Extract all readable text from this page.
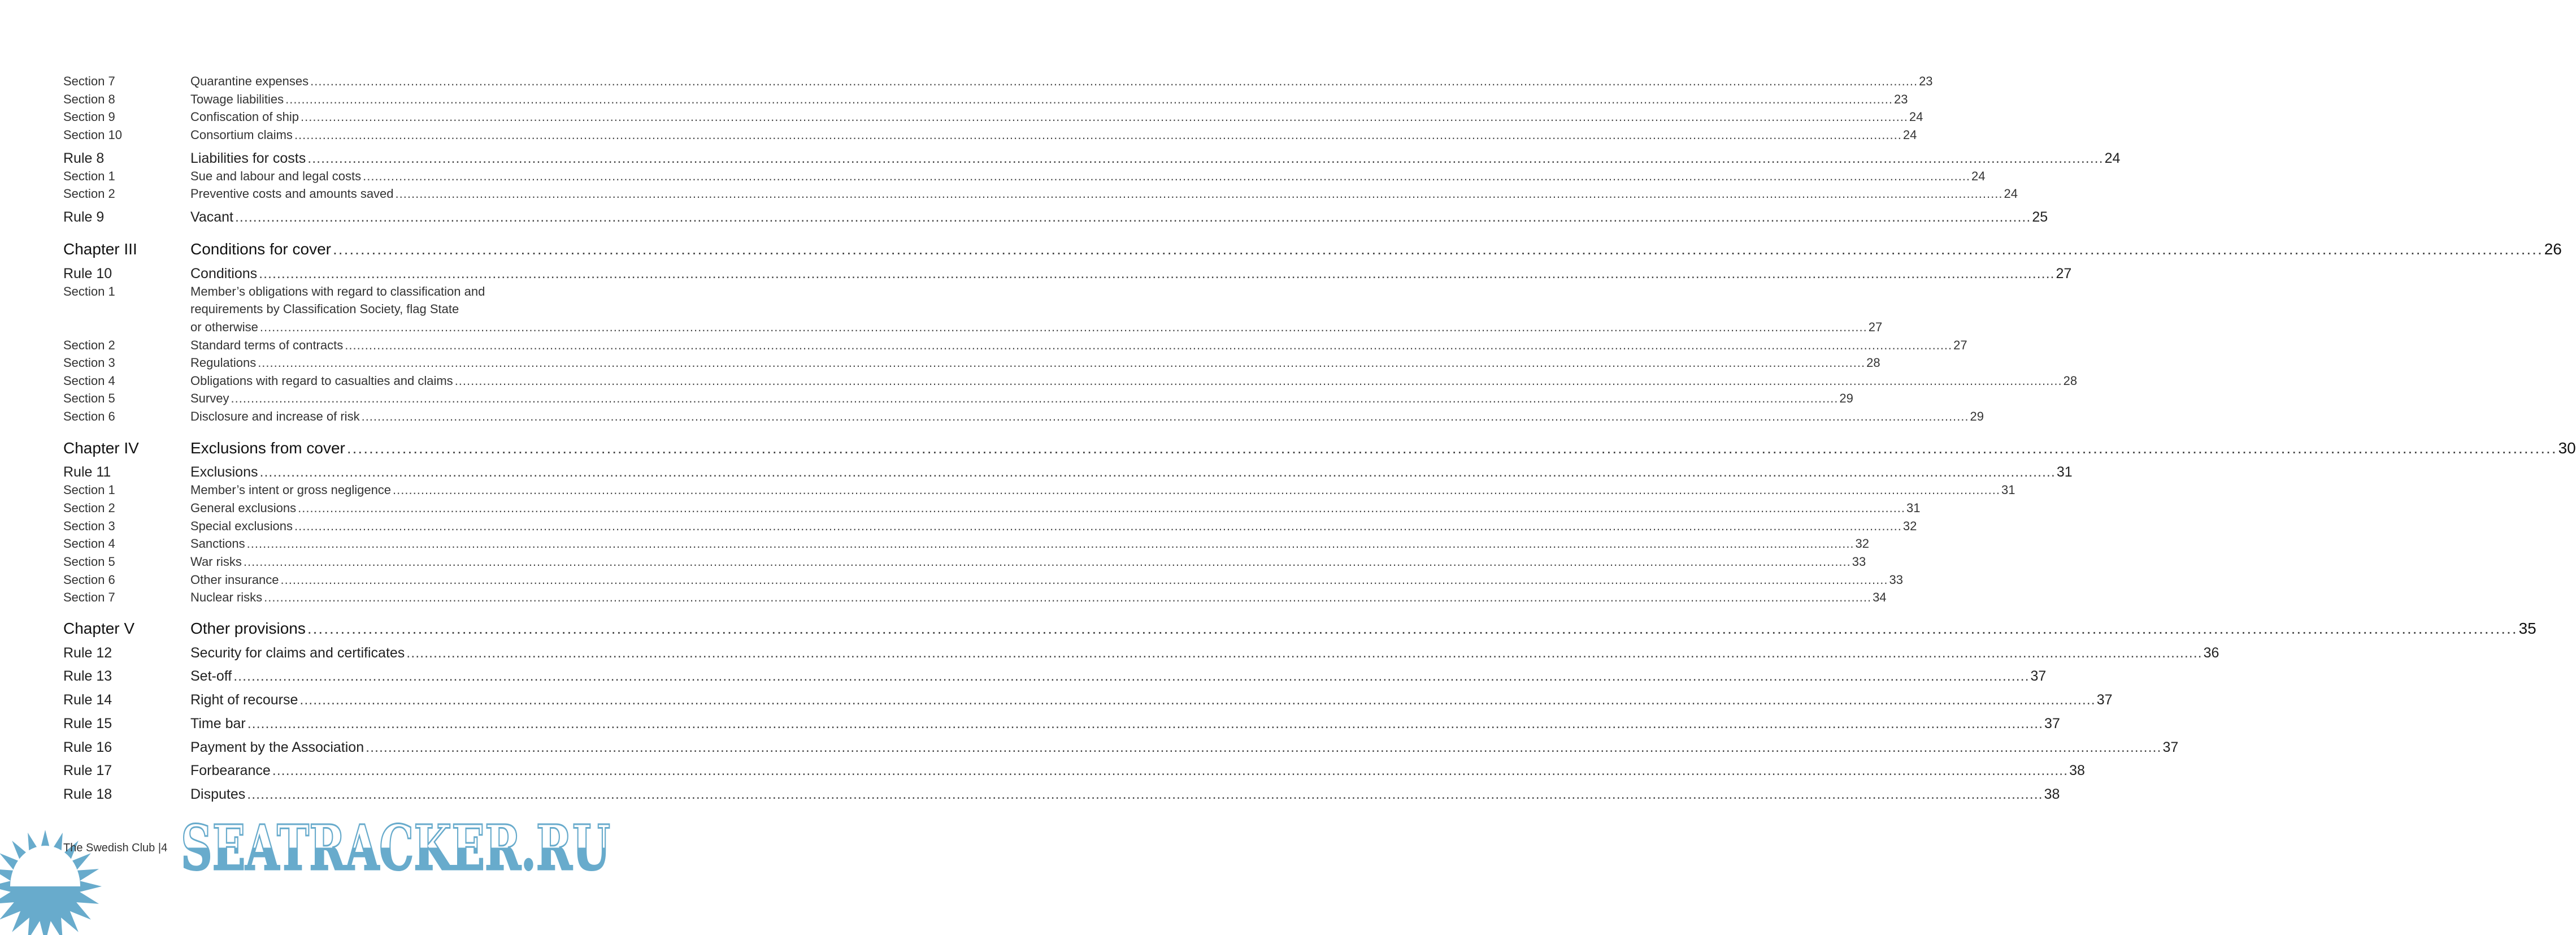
Section 7	Quarantine expenses ................................................................................................................................................................................................................................................................................................................................................................................................................ 23
Section 8	Towage liabilities ................................................................................................................................................................................................................................................................................................................................................................................................................ 23
Section 9	Confiscation of ship ................................................................................................................................................................................................................................................................................................................................................................................................................ 24
Section 10	Consortium claims ................................................................................................................................................................................................................................................................................................................................................................................................................ 24
Rule 8	Liabilities for costs ................................................................................................................................................................................................................................................................................................................................................................................................................ 24
Section 1	Sue and labour and legal costs ................................................................................................................................................................................................................................................................................................................................................................................................................ 24
Section 2	Preventive costs and amounts saved ................................................................................................................................................................................................................................................................................................................................................................................................................ 24
Rule 9	Vacant ................................................................................................................................................................................................................................................................................................................................................................................................................ 25
Chapter III	Conditions for cover ................................................................................................................................................................................................................................................................................................................................................................................................................ 26
Rule 10	Conditions ................................................................................................................................................................................................................................................................................................................................................................................................................ 27
Section 1	Member’s obligations with regard to classification and
requirements by Classification Society, flag State
or otherwise ................................................................................................................................................................................................................................................................................................................................................................................................................ 27
Section 2	Standard terms of contracts ................................................................................................................................................................................................................................................................................................................................................................................................................ 27
Section 3	Regulations ................................................................................................................................................................................................................................................................................................................................................................................................................ 28
Section 4	Obligations with regard to casualties and claims ................................................................................................................................................................................................................................................................................................................................................................................................................ 28
Section 5	Survey ................................................................................................................................................................................................................................................................................................................................................................................................................ 29
Section 6	Disclosure and increase of risk ................................................................................................................................................................................................................................................................................................................................................................................................................ 29
Chapter IV	Exclusions from cover ................................................................................................................................................................................................................................................................................................................................................................................................................ 30
Rule 11	Exclusions ................................................................................................................................................................................................................................................................................................................................................................................................................ 31
Section 1	Member’s intent or gross negligence ................................................................................................................................................................................................................................................................................................................................................................................................................ 31
Section 2	General exclusions ................................................................................................................................................................................................................................................................................................................................................................................................................ 31
Section 3	Special exclusions ................................................................................................................................................................................................................................................................................................................................................................................................................ 32
Section 4	Sanctions ................................................................................................................................................................................................................................................................................................................................................................................................................ 32
Section 5	War risks ................................................................................................................................................................................................................................................................................................................................................................................................................ 33
Section 6	Other insurance ................................................................................................................................................................................................................................................................................................................................................................................................................ 33
Section 7	Nuclear risks ................................................................................................................................................................................................................................................................................................................................................................................................................ 34
Chapter V	Other provisions ................................................................................................................................................................................................................................................................................................................................................................................................................ 35
Rule 12	Security for claims and certificates ................................................................................................................................................................................................................................................................................................................................................................................................................ 36
Rule 13	Set-off ................................................................................................................................................................................................................................................................................................................................................................................................................ 37
Rule 14	Right of recourse ................................................................................................................................................................................................................................................................................................................................................................................................................ 37
Rule 15	Time bar ................................................................................................................................................................................................................................................................................................................................................................................................................ 37
Rule 16	Payment by the Association ................................................................................................................................................................................................................................................................................................................................................................................................................ 37
Rule 17	Forbearance ................................................................................................................................................................................................................................................................................................................................................................................................................ 38
Rule 18	Disputes ................................................................................................................................................................................................................................................................................................................................................................................................................ 38
The Swedish Club |4 SEATRACKER.RU
